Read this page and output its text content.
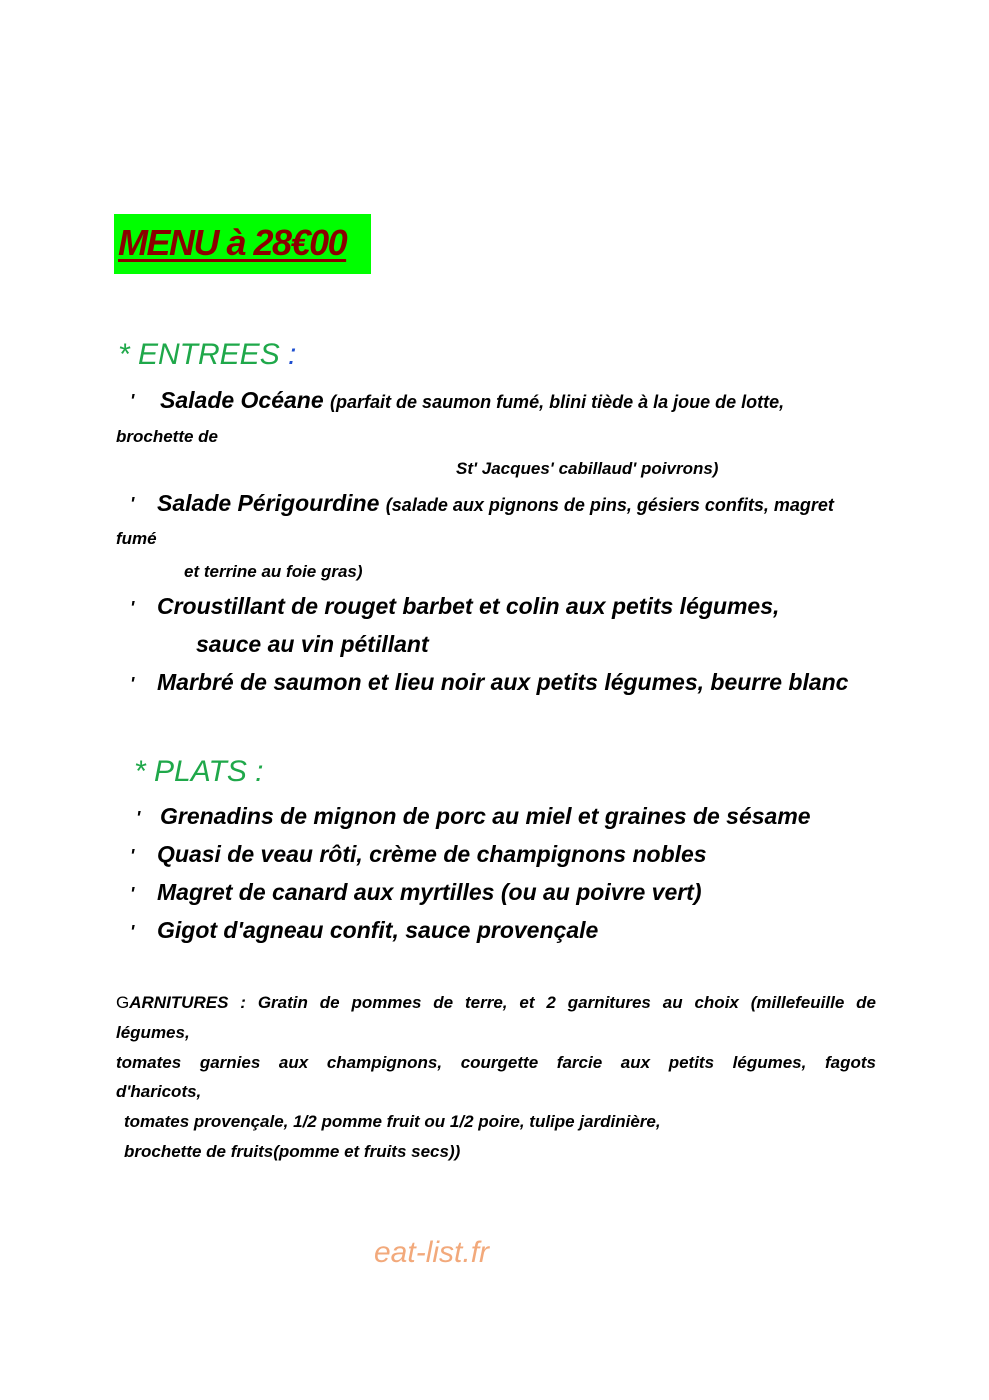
MENU à 28€00
* ENTREES :
' Salade Océane (parfait de saumon fumé, blini tiède à la joue de lotte,
brochette de
St' Jacques' cabillaud' poivrons)
' Salade Périgourdine (salade aux pignons de pins, gésiers confits, magret
fumé
et terrine au foie gras)
' Croustillant de rouget barbet et colin aux petits légumes,
sauce au vin pétillant
' Marbré de saumon et lieu noir aux petits légumes, beurre blanc
* PLATS :
' Grenadins de mignon de porc au miel et graines de sésame
' Quasi de veau rôti, crème de champignons nobles
' Magret de canard aux myrtilles (ou au poivre vert)
' Gigot d'agneau confit, sauce provençale
GARNITURES : Gratin de pommes de terre, et 2 garnitures au choix (millefeuille de
légumes,
tomates garnies aux champignons, courgette farcie aux petits légumes, fagots
d'haricots,
tomates provençale, 1/2 pomme fruit ou 1/2 poire, tulipe jardinière,
brochette de fruits(pomme et fruits secs))
eat-list.fr
